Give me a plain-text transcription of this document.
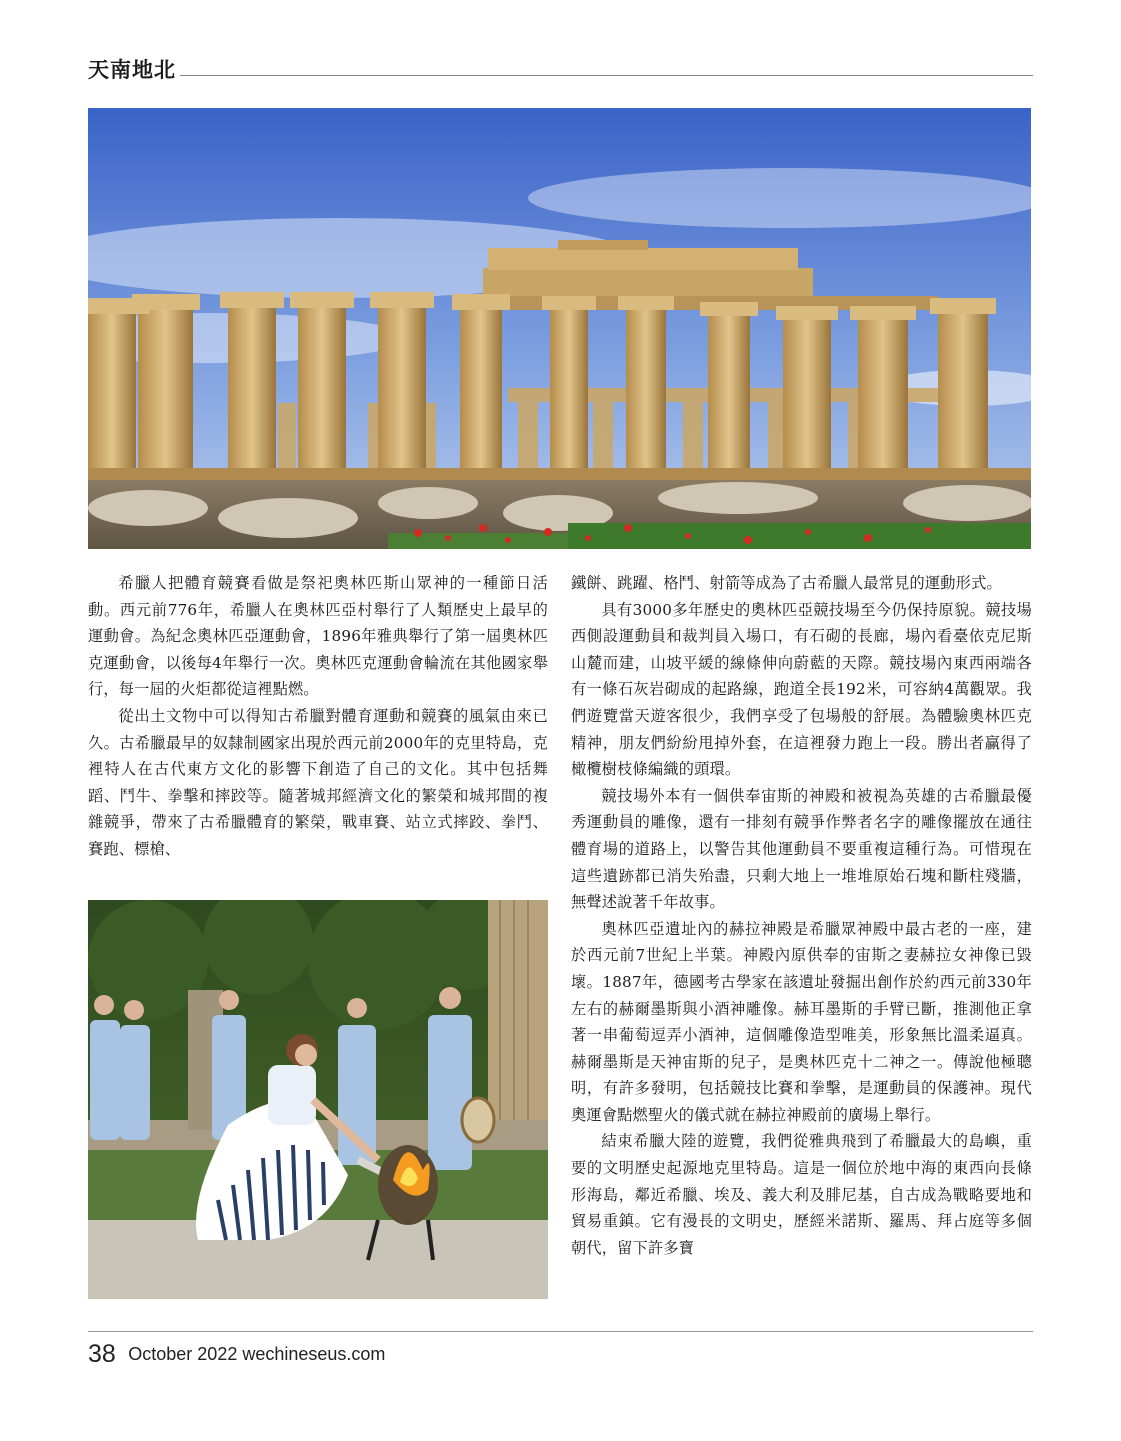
天南地北

希臘人把體育競賽看做是祭祀奧林匹斯山眾神的一種節日活動。西元前776年，希臘人在奧林匹亞村舉行了人類歷史上最早的運動會。為紀念奧林匹亞運動會，1896年雅典舉行了第一屆奧林匹克運動會，以後每4年舉行一次。奧林匹克運動會輪流在其他國家舉行，每一屆的火炬都從這裡點燃。

從出土文物中可以得知古希臘對體育運動和競賽的風氣由來已久。古希臘最早的奴隸制國家出現於西元前2000年的克里特島，克裡特人在古代東方文化的影響下創造了自己的文化。其中包括舞蹈、鬥牛、拳擊和摔跤等。隨著城邦經濟文化的繁榮和城邦間的複雜競爭，帶來了古希臘體育的繁榮，戰車賽、站立式摔跤、拳鬥、賽跑、標槍、

鐵餅、跳躍、格鬥、射箭等成為了古希臘人最常見的運動形式。

具有3000多年歷史的奧林匹亞競技場至今仍保持原貌。競技場西側設運動員和裁判員入場口，有石砌的長廊，場內看臺依克尼斯山麓而建，山坡平緩的線條伸向蔚藍的天際。競技場內東西兩端各有一條石灰岩砌成的起路線，跑道全長192米，可容納4萬觀眾。我們遊覽當天遊客很少，我們享受了包場般的舒展。為體驗奧林匹克精神，朋友們紛紛甩掉外套，在這裡發力跑上一段。勝出者贏得了橄欖樹枝條編織的頭環。

競技場外本有一個供奉宙斯的神殿和被視為英雄的古希臘最優秀運動員的雕像，還有一排刻有競爭作弊者名字的雕像擺放在通往體育場的道路上，以警告其他運動員不要重複這種行為。可惜現在這些遺跡都已消失殆盡，只剩大地上一堆堆原始石塊和斷柱殘牆，無聲述說著千年故事。

奧林匹亞遺址內的赫拉神殿是希臘眾神殿中最古老的一座，建於西元前7世紀上半葉。神殿內原供奉的宙斯之妻赫拉女神像已毀壞。1887年，德國考古學家在該遺址發掘出創作於約西元前330年左右的赫爾墨斯與小酒神雕像。赫耳墨斯的手臂已斷，推測他正拿著一串葡萄逗弄小酒神，這個雕像造型唯美，形象無比溫柔逼真。赫爾墨斯是天神宙斯的兒子，是奧林匹克十二神之一。傳說他極聰明，有許多發明，包括競技比賽和拳擊，是運動員的保護神。現代奧運會點燃聖火的儀式就在赫拉神殿前的廣場上舉行。

結束希臘大陸的遊覽，我們從雅典飛到了希臘最大的島嶼，重要的文明歷史起源地克里特島。這是一個位於地中海的東西向長條形海島，鄰近希臘、埃及、義大利及腓尼基，自古成為戰略要地和貿易重鎮。它有漫長的文明史，歷經米諾斯、羅馬、拜占庭等多個朝代，留下許多寶

38 October 2022 wechineseus.com
